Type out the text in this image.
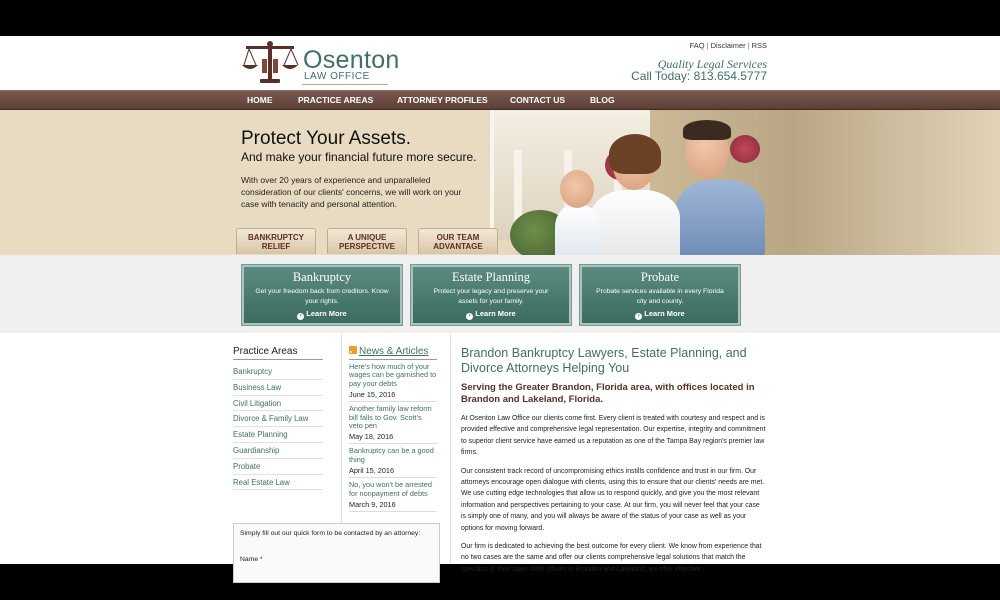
Osenton
LAW OFFICE
FAQ | Disclaimer | RSS
Quality Legal Services
Call Today: 813.654.5777
HOME	PRACTICE AREAS	ATTORNEY PROFILES	CONTACT US	BLOG
Protect Your Assets.
And make your financial future more secure.

With over 20 years of experience and unparalleled consideration of our clients' concerns, we will work on your case with tenacity and personal attention.

BANKRUPTCY
RELIEF
A UNIQUE
PERSPECTIVE
OUR TEAM
ADVANTAGE
Bankruptcy
Get your freedom back from creditors. Know your rights.
› Learn More
Estate Planning
Protect your legacy and preserve your assets for your family.
› Learn More
Probate
Probate services available in every Florida city and county.
› Learn More
Practice Areas
Bankruptcy
Business Law
Civil Litigation
Divorce & Family Law
Estate Planning
Guardianship
Probate
Real Estate Law
News & Articles
Here's how much of your wages can be garnished to pay your debts
June 15, 2016
Another family law reform bill falls to Gov. Scott's veto pen
May 18, 2016
Bankruptcy can be a good thing
April 15, 2016
No, you won't be arrested for nonpayment of debts
March 9, 2016
Simply fill out our quick form to be contacted by an attorney:
Name *
Brandon Bankruptcy Lawyers, Estate Planning, and Divorce Attorneys Helping You
Serving the Greater Brandon, Florida area, with offices located in Brandon and Lakeland, Florida.

At Osenton Law Office our clients come first. Every client is treated with courtesy and respect and is provided effective and comprehensive legal representation. Our expertise, integrity and commitment to superior client service have earned us a reputation as one of the Tampa Bay region's premier law firms.

Our consistent track record of uncompromising ethics instills confidence and trust in our firm. Our attorneys encourage open dialogue with clients, using this to ensure that our clients' needs are met. We use cutting edge technologies that allow us to respond quickly, and give you the most relevant information and perspectives pertaining to your case. At our firm, you will never feel that your case is simply one of many, and you will always be aware of the status of your case as well as your options for moving forward.

Our firm is dedicated to achieving the best outcome for every client. We know from experience that no two cases are the same and offer our clients comprehensive legal solutions that match the specifics of their case. With offices in Brandon and Lakeland, we offer effective
